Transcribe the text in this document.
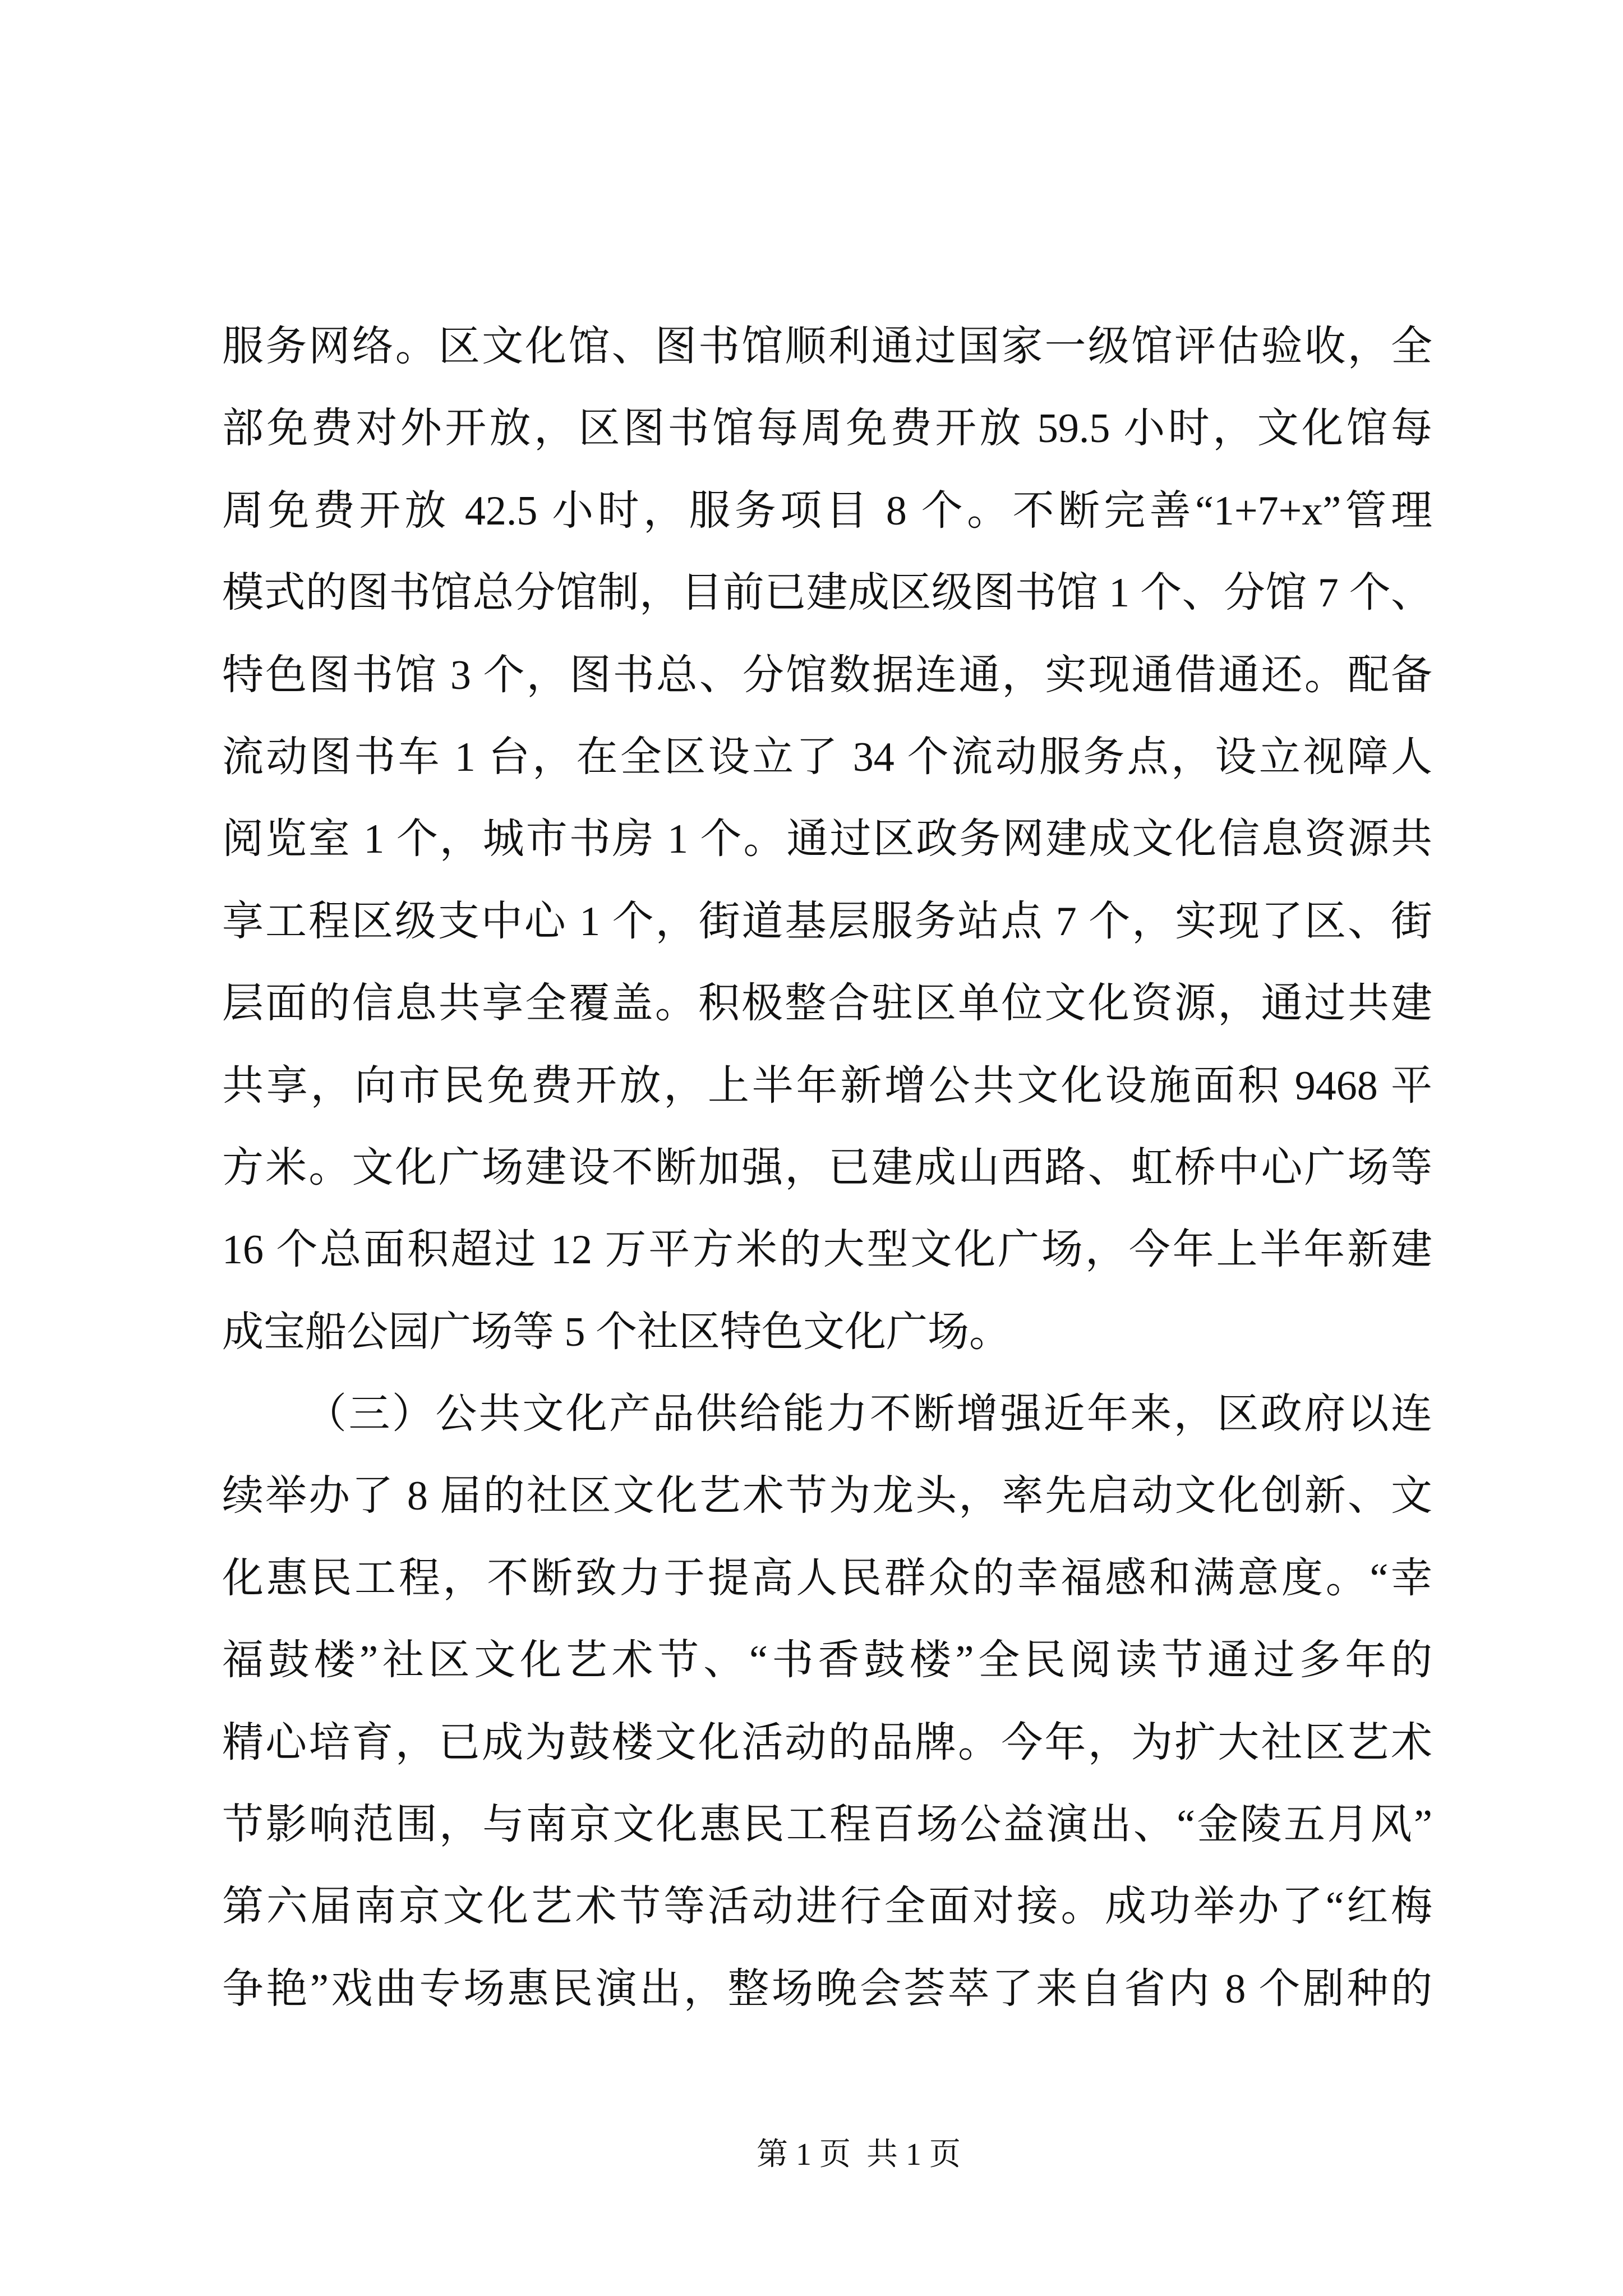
服务网络。区文化馆、图书馆顺利通过国家一级馆评估验收，全
部免费对外开放，区图书馆每周免费开放 59.5 小时，文化馆每
周免费开放 42.5 小时，服务项目 8 个。不断完善“1+7+x”管理
模式的图书馆总分馆制，目前已建成区级图书馆 1 个、分馆 7 个、
特色图书馆 3 个，图书总、分馆数据连通，实现通借通还。配备
流动图书车 1 台，在全区设立了 34 个流动服务点，设立视障人
阅览室 1 个，城市书房 1 个。通过区政务网建成文化信息资源共
享工程区级支中心 1 个，街道基层服务站点 7 个，实现了区、街
层面的信息共享全覆盖。积极整合驻区单位文化资源，通过共建
共享，向市民免费开放，上半年新增公共文化设施面积 9468 平
方米。文化广场建设不断加强，已建成山西路、虹桥中心广场等
16 个总面积超过 12 万平方米的大型文化广场，今年上半年新建
成宝船公园广场等 5 个社区特色文化广场。
（三）公共文化产品供给能力不断增强近年来，区政府以连
续举办了 8 届的社区文化艺术节为龙头，率先启动文化创新、文
化惠民工程，不断致力于提高人民群众的幸福感和满意度。“幸
福鼓楼”社区文化艺术节、“书香鼓楼”全民阅读节通过多年的
精心培育，已成为鼓楼文化活动的品牌。今年，为扩大社区艺术
节影响范围，与南京文化惠民工程百场公益演出、“金陵五月风”
第六届南京文化艺术节等活动进行全面对接。成功举办了“红梅
争艳”戏曲专场惠民演出，整场晚会荟萃了来自省内 8 个剧种的
第 1 页  共 1 页
